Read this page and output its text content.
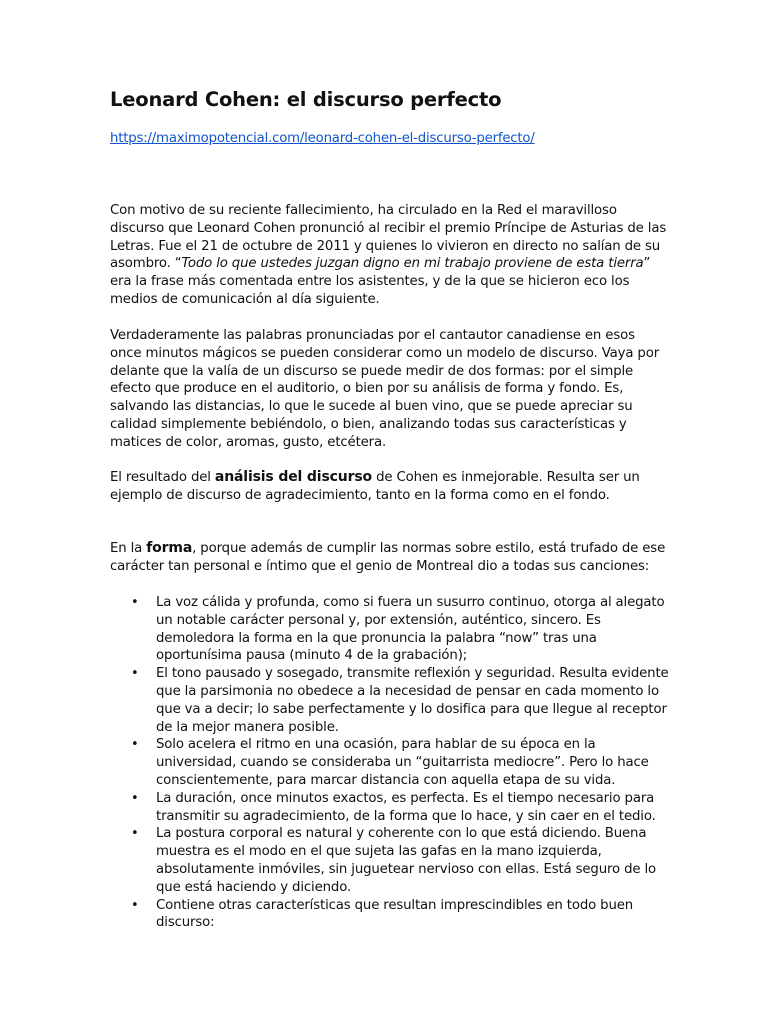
Leonard Cohen: el discurso perfecto
https://maximopotencial.com/leonard-cohen-el-discurso-perfecto/

Con motivo de su reciente fallecimiento, ha circulado en la Red el maravilloso discurso que Leonard Cohen pronunció al recibir el premio Príncipe de Asturias de las Letras. Fue el 21 de octubre de 2011 y quienes lo vivieron en directo no salían de su asombro. “Todo lo que ustedes juzgan digno en mi trabajo proviene de esta tierra” era la frase más comentada entre los asistentes, y de la que se hicieron eco los medios de comunicación al día siguiente.

Verdaderamente las palabras pronunciadas por el cantautor canadiense en esos once minutos mágicos se pueden considerar como un modelo de discurso. Vaya por delante que la valía de un discurso se puede medir de dos formas: por el simple efecto que produce en el auditorio, o bien por su análisis de forma y fondo. Es, salvando las distancias, lo que le sucede al buen vino, que se puede apreciar su calidad simplemente bebiéndolo, o bien, analizando todas sus características y matices de color, aromas, gusto, etcétera.

El resultado del análisis del discurso de Cohen es inmejorable. Resulta ser un ejemplo de discurso de agradecimiento, tanto en la forma como en el fondo.

En la forma, porque además de cumplir las normas sobre estilo, está trufado de ese carácter tan personal e íntimo que el genio de Montreal dio a todas sus canciones:

• La voz cálida y profunda, como si fuera un susurro continuo, otorga al alegato un notable carácter personal y, por extensión, auténtico, sincero. Es demoledora la forma en la que pronuncia la palabra “now” tras una oportunísima pausa (minuto 4 de la grabación);
• El tono pausado y sosegado, transmite reflexión y seguridad. Resulta evidente que la parsimonia no obedece a la necesidad de pensar en cada momento lo que va a decir; lo sabe perfectamente y lo dosifica para que llegue al receptor de la mejor manera posible.
• Solo acelera el ritmo en una ocasión, para hablar de su época en la universidad, cuando se consideraba un “guitarrista mediocre”. Pero lo hace conscientemente, para marcar distancia con aquella etapa de su vida.
• La duración, once minutos exactos, es perfecta. Es el tiempo necesario para transmitir su agradecimiento, de la forma que lo hace, y sin caer en el tedio.
• La postura corporal es natural y coherente con lo que está diciendo. Buena muestra es el modo en el que sujeta las gafas en la mano izquierda, absolutamente inmóviles, sin juguetear nervioso con ellas. Está seguro de lo que está haciendo y diciendo.
• Contiene otras características que resultan imprescindibles en todo buen discurso:
